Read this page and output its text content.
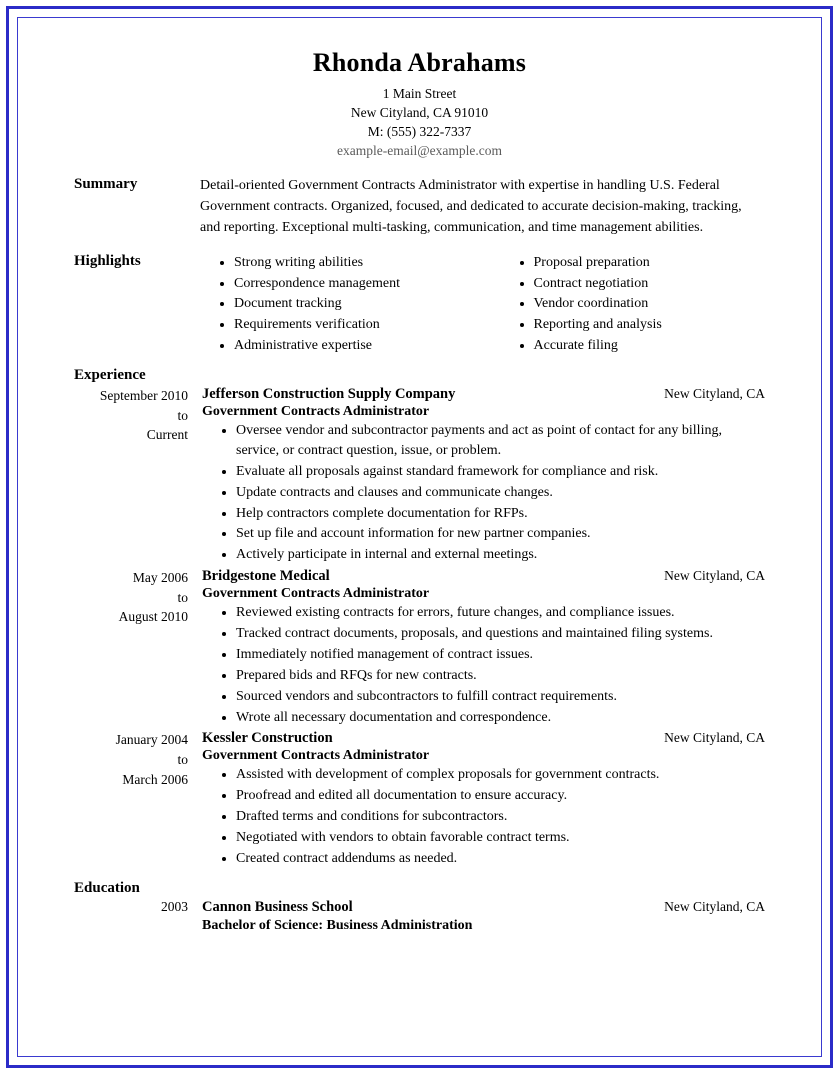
Rhonda Abrahams
1 Main Street
New Cityland, CA 91010
M: (555) 322-7337
example-email@example.com
Summary	Detail-oriented Government Contracts Administrator with expertise in handling U.S. Federal Government contracts. Organized, focused, and dedicated to accurate decision-making, tracking, and reporting. Exceptional multi-tasking, communication, and time management abilities.
Highlights	• Strong writing abilities
• Correspondence management
• Document tracking
• Requirements verification
• Administrative expertise
• Proposal preparation
• Contract negotiation
• Vendor coordination
• Reporting and analysis
• Accurate filing
Experience
September 2010
to
Current
Jefferson Construction Supply Company	New Cityland, CA
Government Contracts Administrator
• Oversee vendor and subcontractor payments and act as point of contact for any billing, service, or contract question, issue, or problem.
• Evaluate all proposals against standard framework for compliance and risk.
• Update contracts and clauses and communicate changes.
• Help contractors complete documentation for RFPs.
• Set up file and account information for new partner companies.
• Actively participate in internal and external meetings.
May 2006
to
August 2010
Bridgestone Medical	New Cityland, CA
Government Contracts Administrator
• Reviewed existing contracts for errors, future changes, and compliance issues.
• Tracked contract documents, proposals, and questions and maintained filing systems.
• Immediately notified management of contract issues.
• Prepared bids and RFQs for new contracts.
• Sourced vendors and subcontractors to fulfill contract requirements.
• Wrote all necessary documentation and correspondence.
January 2004
to
March 2006
Kessler Construction	New Cityland, CA
Government Contracts Administrator
• Assisted with development of complex proposals for government contracts.
• Proofread and edited all documentation to ensure accuracy.
• Drafted terms and conditions for subcontractors.
• Negotiated with vendors to obtain favorable contract terms.
• Created contract addendums as needed.
Education
2003 Cannon Business School	New Cityland, CA
Bachelor of Science: Business Administration
